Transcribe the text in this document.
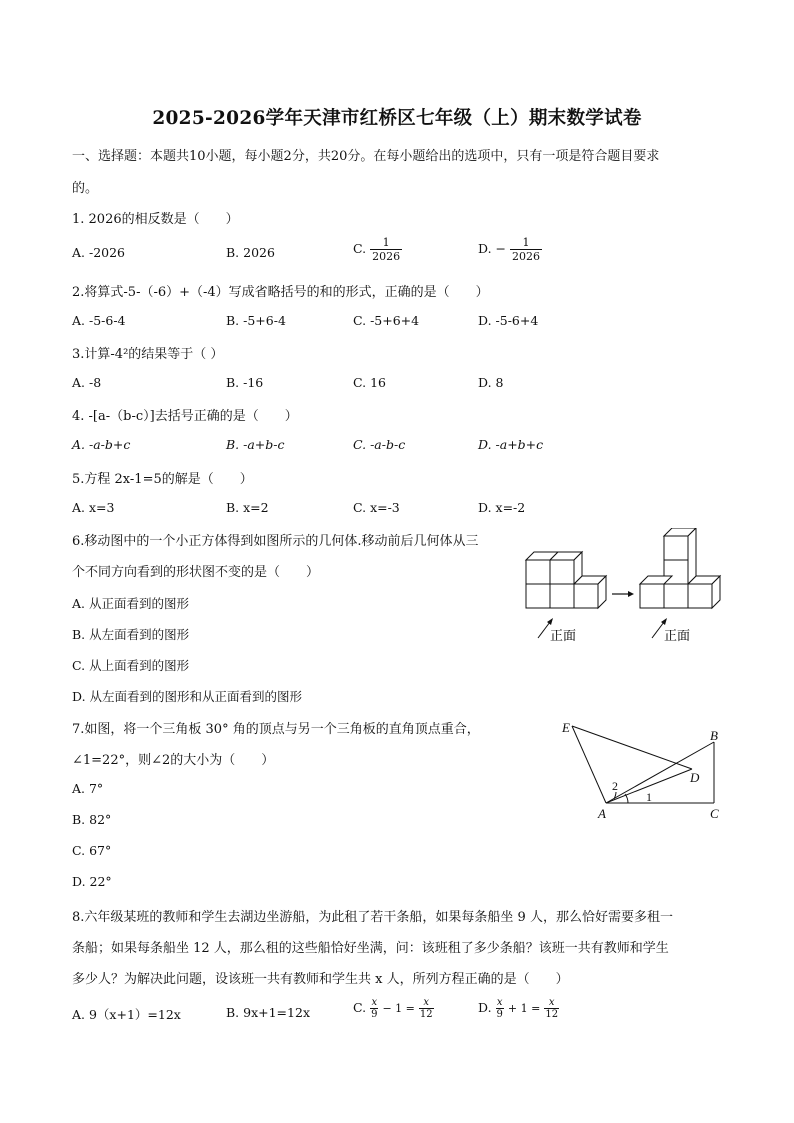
2025-2026学年天津市红桥区七年级（上）期末数学试卷
一、选择题：本题共10小题，每小题2分，共20分。在每小题给出的选项中，只有一项是符合题目要求
的。
1. 2026的相反数是（　　）
A. -2026	B. 2026	C. $\frac{1}{2026}$	D. − $\frac{1}{2026}$
2.将算式-5-（-6）+（-4）写成省略括号的和的形式，正确的是（　　）
A. -5-6-4	B. -5+6-4	C. -5+6+4	D. -5-6+4
3.计算-4²的结果等于（ ）
A. -8	B. -16	C. 16	D. 8
4. -[a-（b-c）]去括号正确的是（　　）
A. -a-b+c	B. -a+b-c	C. -a-b-c	D. -a+b+c
5.方程 2x-1=5的解是（　　）
A. x=3	B. x=2	C. x=-3	D. x=-2
6.移动图中的一个小正方体得到如图所示的几何体.移动前后几何体从三
个不同方向看到的形状图不变的是（　　）
A. 从正面看到的图形
B. 从左面看到的图形
C. 从上面看到的图形
D. 从左面看到的图形和从正面看到的图形
正面	正面
7.如图，将一个三角板 30° 角的顶点与另一个三角板的直角顶点重合，
∠1=22°，则∠2的大小为（　　）
A. 7°
B. 82°
C. 67°
D. 22°
E
B
D
A	C
2
1
8.六年级某班的教师和学生去湖边坐游船，为此租了若干条船，如果每条船坐 9 人，那么恰好需要多租一
条船；如果每条船坐 12 人，那么租的这些船恰好坐满，问：该班租了多少条船？该班一共有教师和学生
多少人？为解决此问题，设该班一共有教师和学生共 x 人，所列方程正确的是（　　）
A. 9（x+1）=12x	B. 9x+1=12x	C. $\frac{x}{9} - 1 = \frac{x}{12}$	D. $\frac{x}{9} + 1 = \frac{x}{12}$
